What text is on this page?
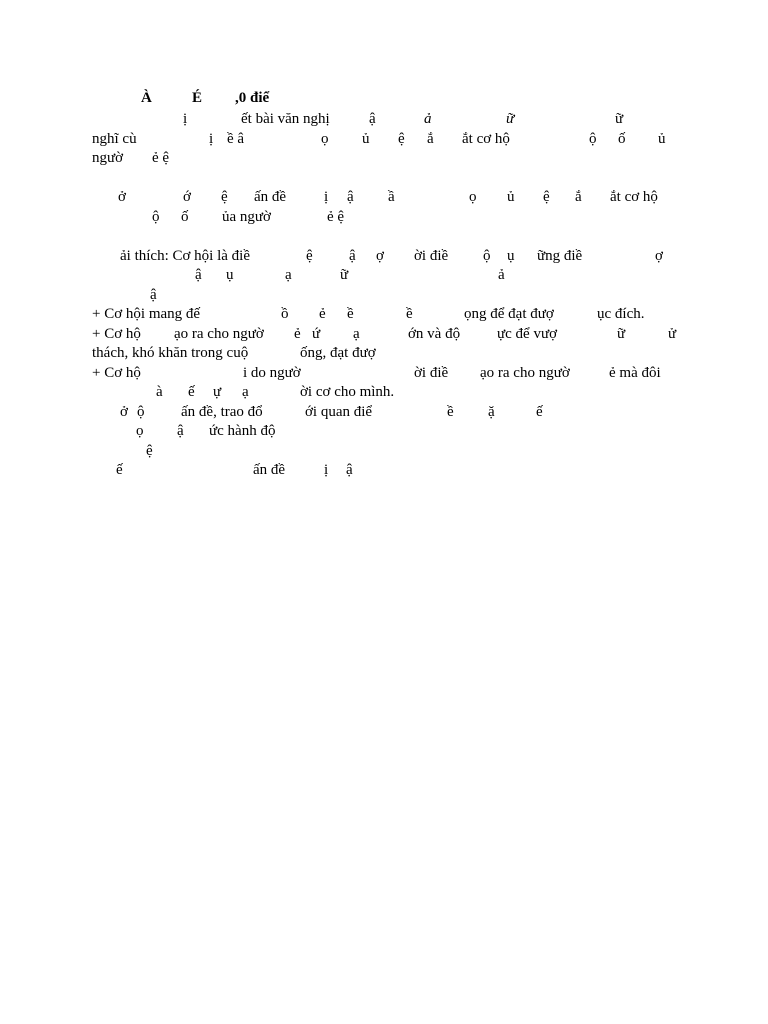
À	É ,0 điể
ị	ết bài văn nghị	ậ	ả	ữ	ữ
nghĩ cù	ị ề â	ọ ủ ệ ắ ắt cơ hộ	ộ ố ủ
ngườ ẻ ệ
ở	ớ ệ ấn đề	ị ậ ầ	ọ ủ ệ ắ ắt cơ hộ
ộ ố ủa ngườ	ẻ ệ
ải thích: Cơ hội là điề	ệ ậ ợ ời điề ộ ụ ững điề	ợ
ậ ụ	ạ	ữ	ả
ậ
+ Cơ hội mang đế	ồ ẻ ề	ề	ọng để đạt đượ	ục đích.
+ Cơ hộ ạo ra cho ngườ ẻ ứ ạ	ớn và độ ực để vượ	ữ	ử
thách, khó khăn trong cuộ	ống, đạt đượ
+ Cơ hộ	i do ngườ	ời điề ạo ra cho ngườ	ẻ mà đôi
à ế ự ạ	ời cơ cho mình.
ở ộ ấn đề, trao đổ	ới quan điể	ề ặ	ế
ọ ậ ức hành độ
ệ
ế	ấn đề	ị ậ
